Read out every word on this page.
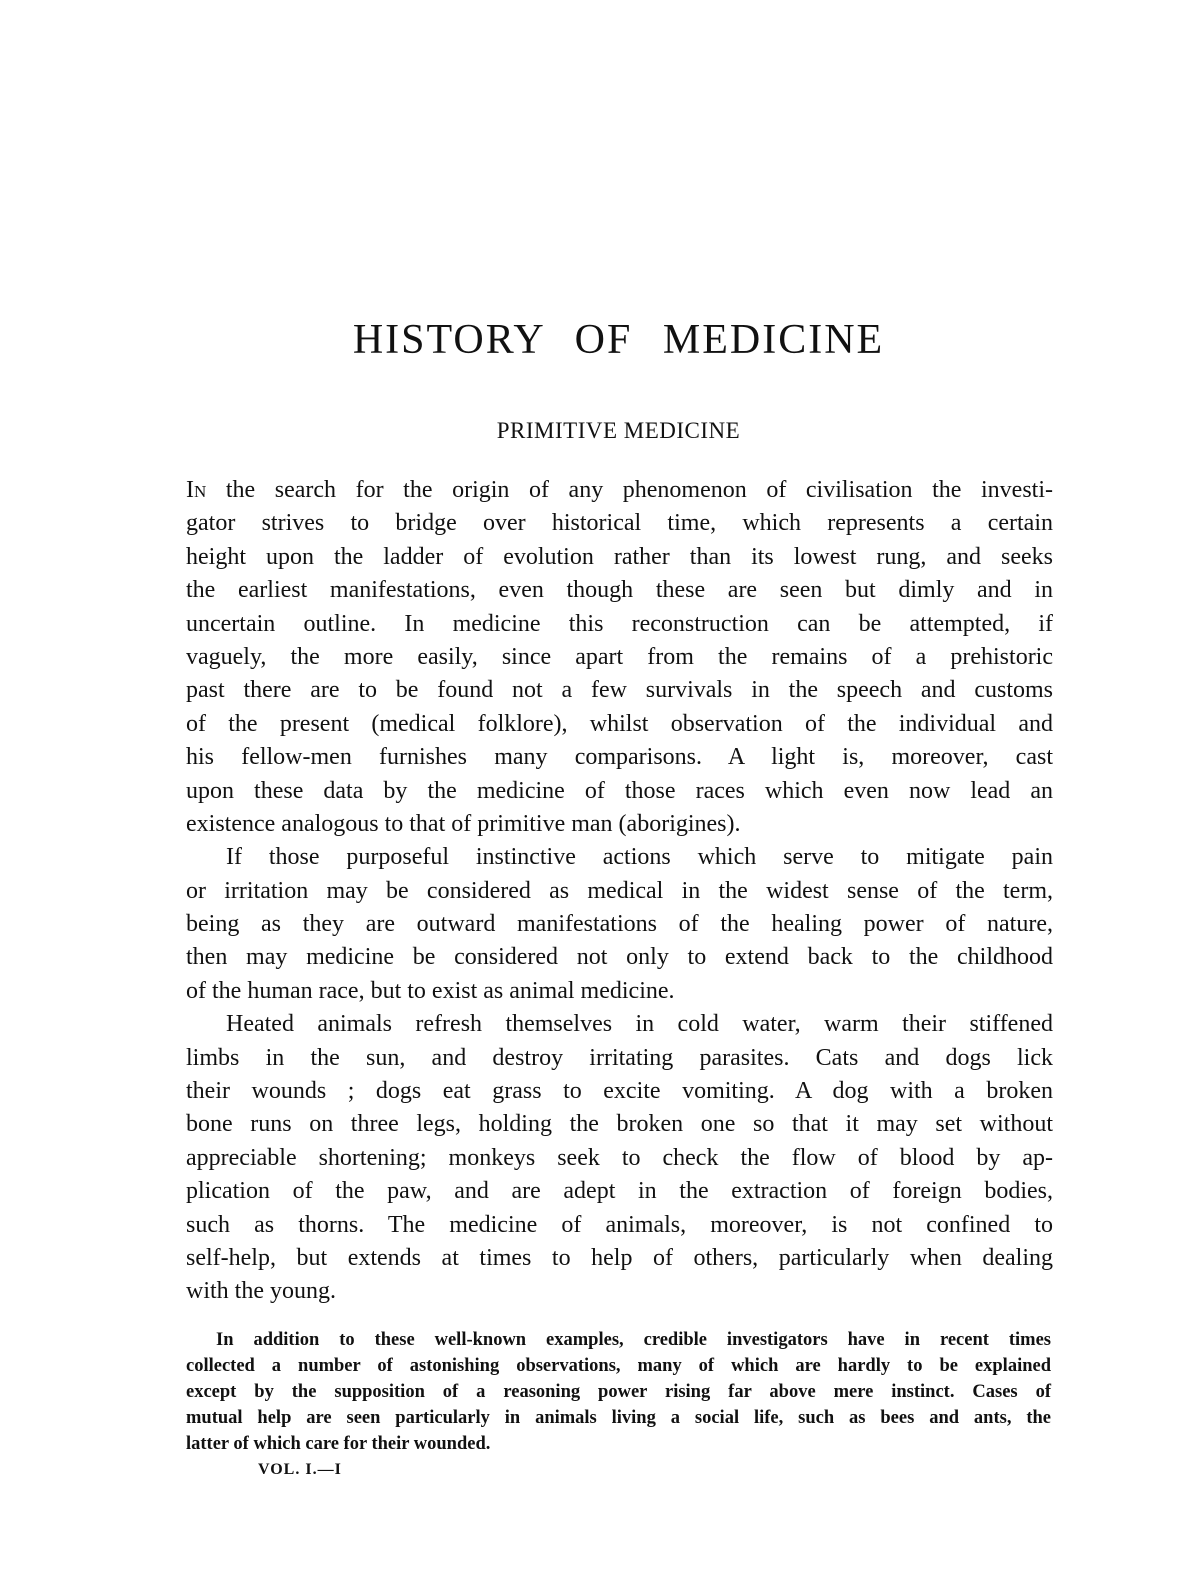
HISTORY OF MEDICINE
PRIMITIVE MEDICINE
In the search for the origin of any phenomenon of civilisation the investi-
gator strives to bridge over historical time, which represents a certain
height upon the ladder of evolution rather than its lowest rung, and seeks
the earliest manifestations, even though these are seen but dimly and in
uncertain outline. In medicine this reconstruction can be attempted, if
vaguely, the more easily, since apart from the remains of a prehistoric
past there are to be found not a few survivals in the speech and customs
of the present (medical folklore), whilst observation of the individual and
his fellow-men furnishes many comparisons. A light is, moreover, cast
upon these data by the medicine of those races which even now lead an
existence analogous to that of primitive man (aborigines).
If those purposeful instinctive actions which serve to mitigate pain
or irritation may be considered as medical in the widest sense of the term,
being as they are outward manifestations of the healing power of nature,
then may medicine be considered not only to extend back to the childhood
of the human race, but to exist as animal medicine.
Heated animals refresh themselves in cold water, warm their stiffened
limbs in the sun, and destroy irritating parasites. Cats and dogs lick
their wounds ; dogs eat grass to excite vomiting. A dog with a broken
bone runs on three legs, holding the broken one so that it may set without
appreciable shortening; monkeys seek to check the flow of blood by ap-
plication of the paw, and are adept in the extraction of foreign bodies,
such as thorns. The medicine of animals, moreover, is not confined to
self-help, but extends at times to help of others, particularly when dealing
with the young.
In addition to these well-known examples, credible investigators have in recent times
collected a number of astonishing observations, many of which are hardly to be explained
except by the supposition of a reasoning power rising far above mere instinct. Cases of
mutual help are seen particularly in animals living a social life, such as bees and ants, the
latter of which care for their wounded.
VOL. I.—I
